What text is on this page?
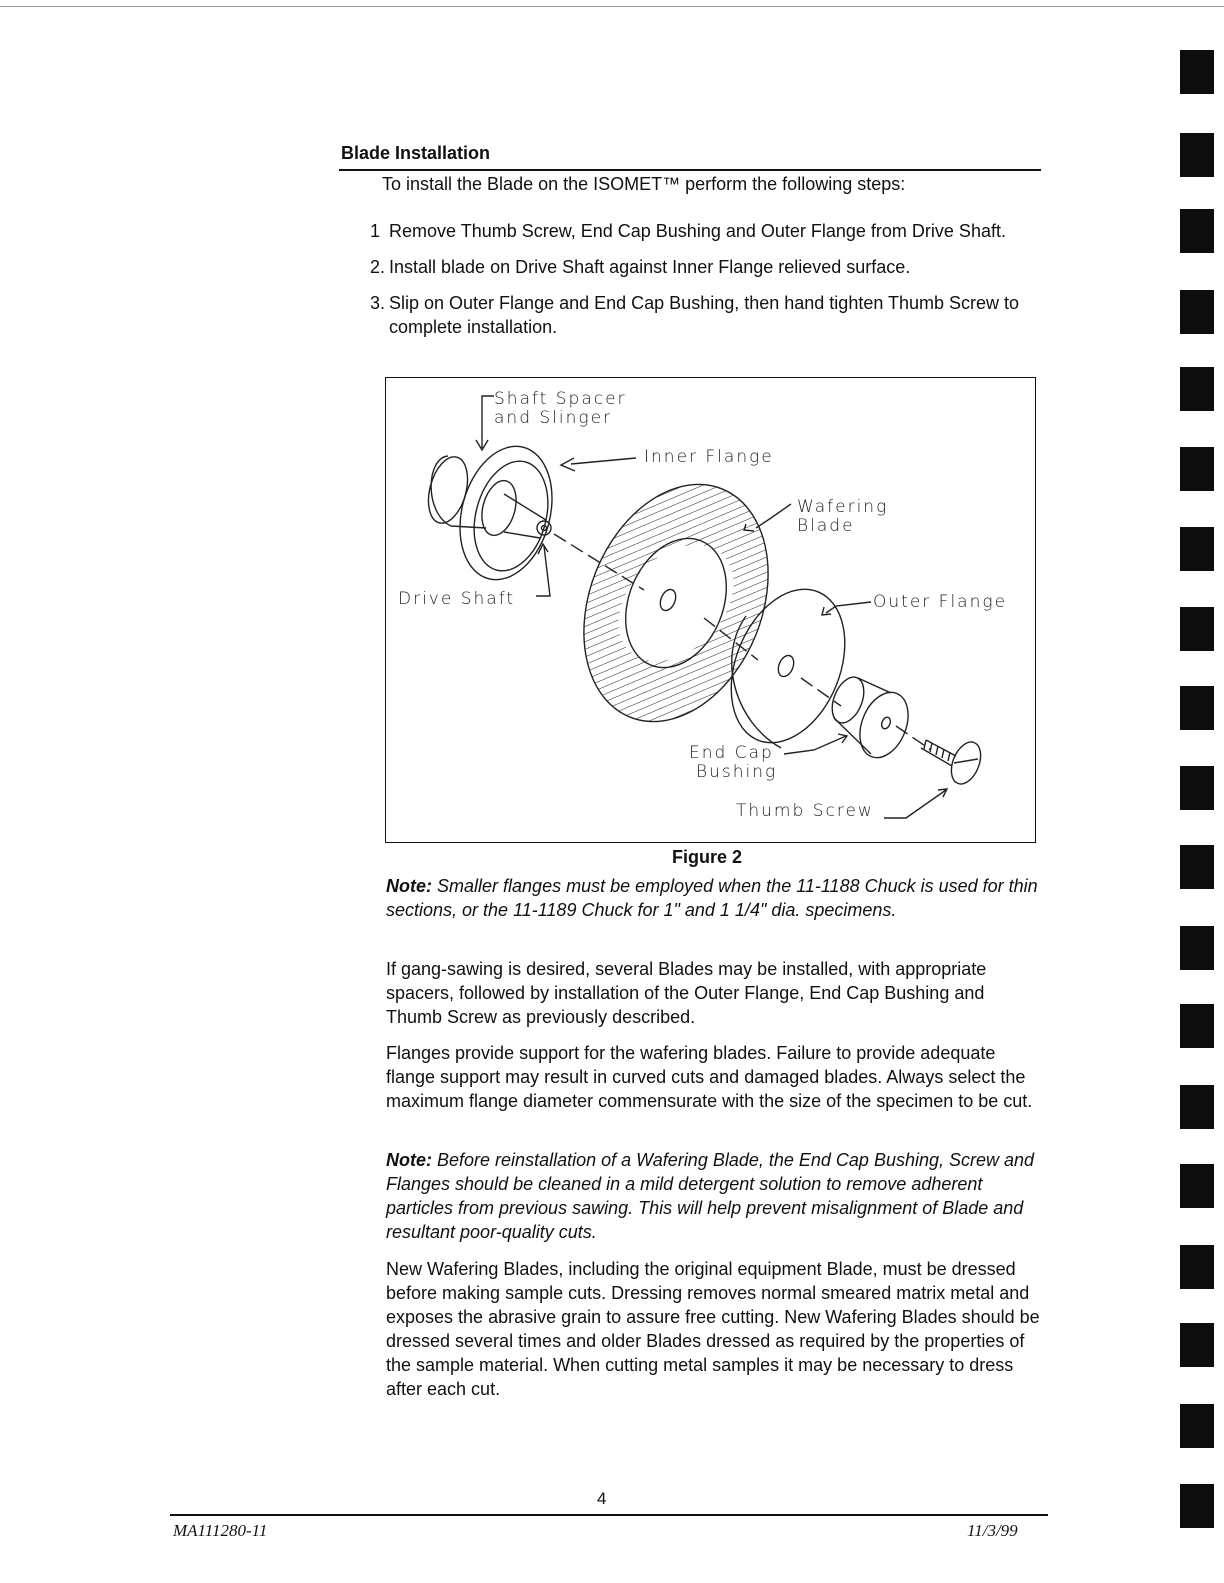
Blade Installation
To install the Blade on the ISOMET™ perform the following steps:
1 Remove Thumb Screw, End Cap Bushing and Outer Flange from Drive Shaft.
2. Install blade on Drive Shaft against Inner Flange relieved surface.
3. Slip on Outer Flange and End Cap Bushing, then hand tighten Thumb Screw to complete installation.
Shaft Spacer
and Slinger
Inner Flange
Wafering
Blade
Drive Shaft	Outer Flange
End Cap
Bushing
Thumb Screw
Figure 2
Note: Smaller flanges must be employed when the 11-1188 Chuck is used for thin sections, or the 11-1189 Chuck for 1" and 1 1/4" dia. specimens.
If gang-sawing is desired, several Blades may be installed, with appropriate spacers, followed by installation of the Outer Flange, End Cap Bushing and Thumb Screw as previously described.
Flanges provide support for the wafering blades. Failure to provide adequate flange support may result in curved cuts and damaged blades. Always select the maximum flange diameter commensurate with the size of the specimen to be cut.
Note: Before reinstallation of a Wafering Blade, the End Cap Bushing, Screw and Flanges should be cleaned in a mild detergent solution to remove adherent particles from previous sawing. This will help prevent misalignment of Blade and resultant poor-quality cuts.
New Wafering Blades, including the original equipment Blade, must be dressed before making sample cuts. Dressing removes normal smeared matrix metal and exposes the abrasive grain to assure free cutting. New Wafering Blades should be dressed several times and older Blades dressed as required by the properties of the sample material. When cutting metal samples it may be necessary to dress after each cut.
4
MA111280-11	11/3/99
